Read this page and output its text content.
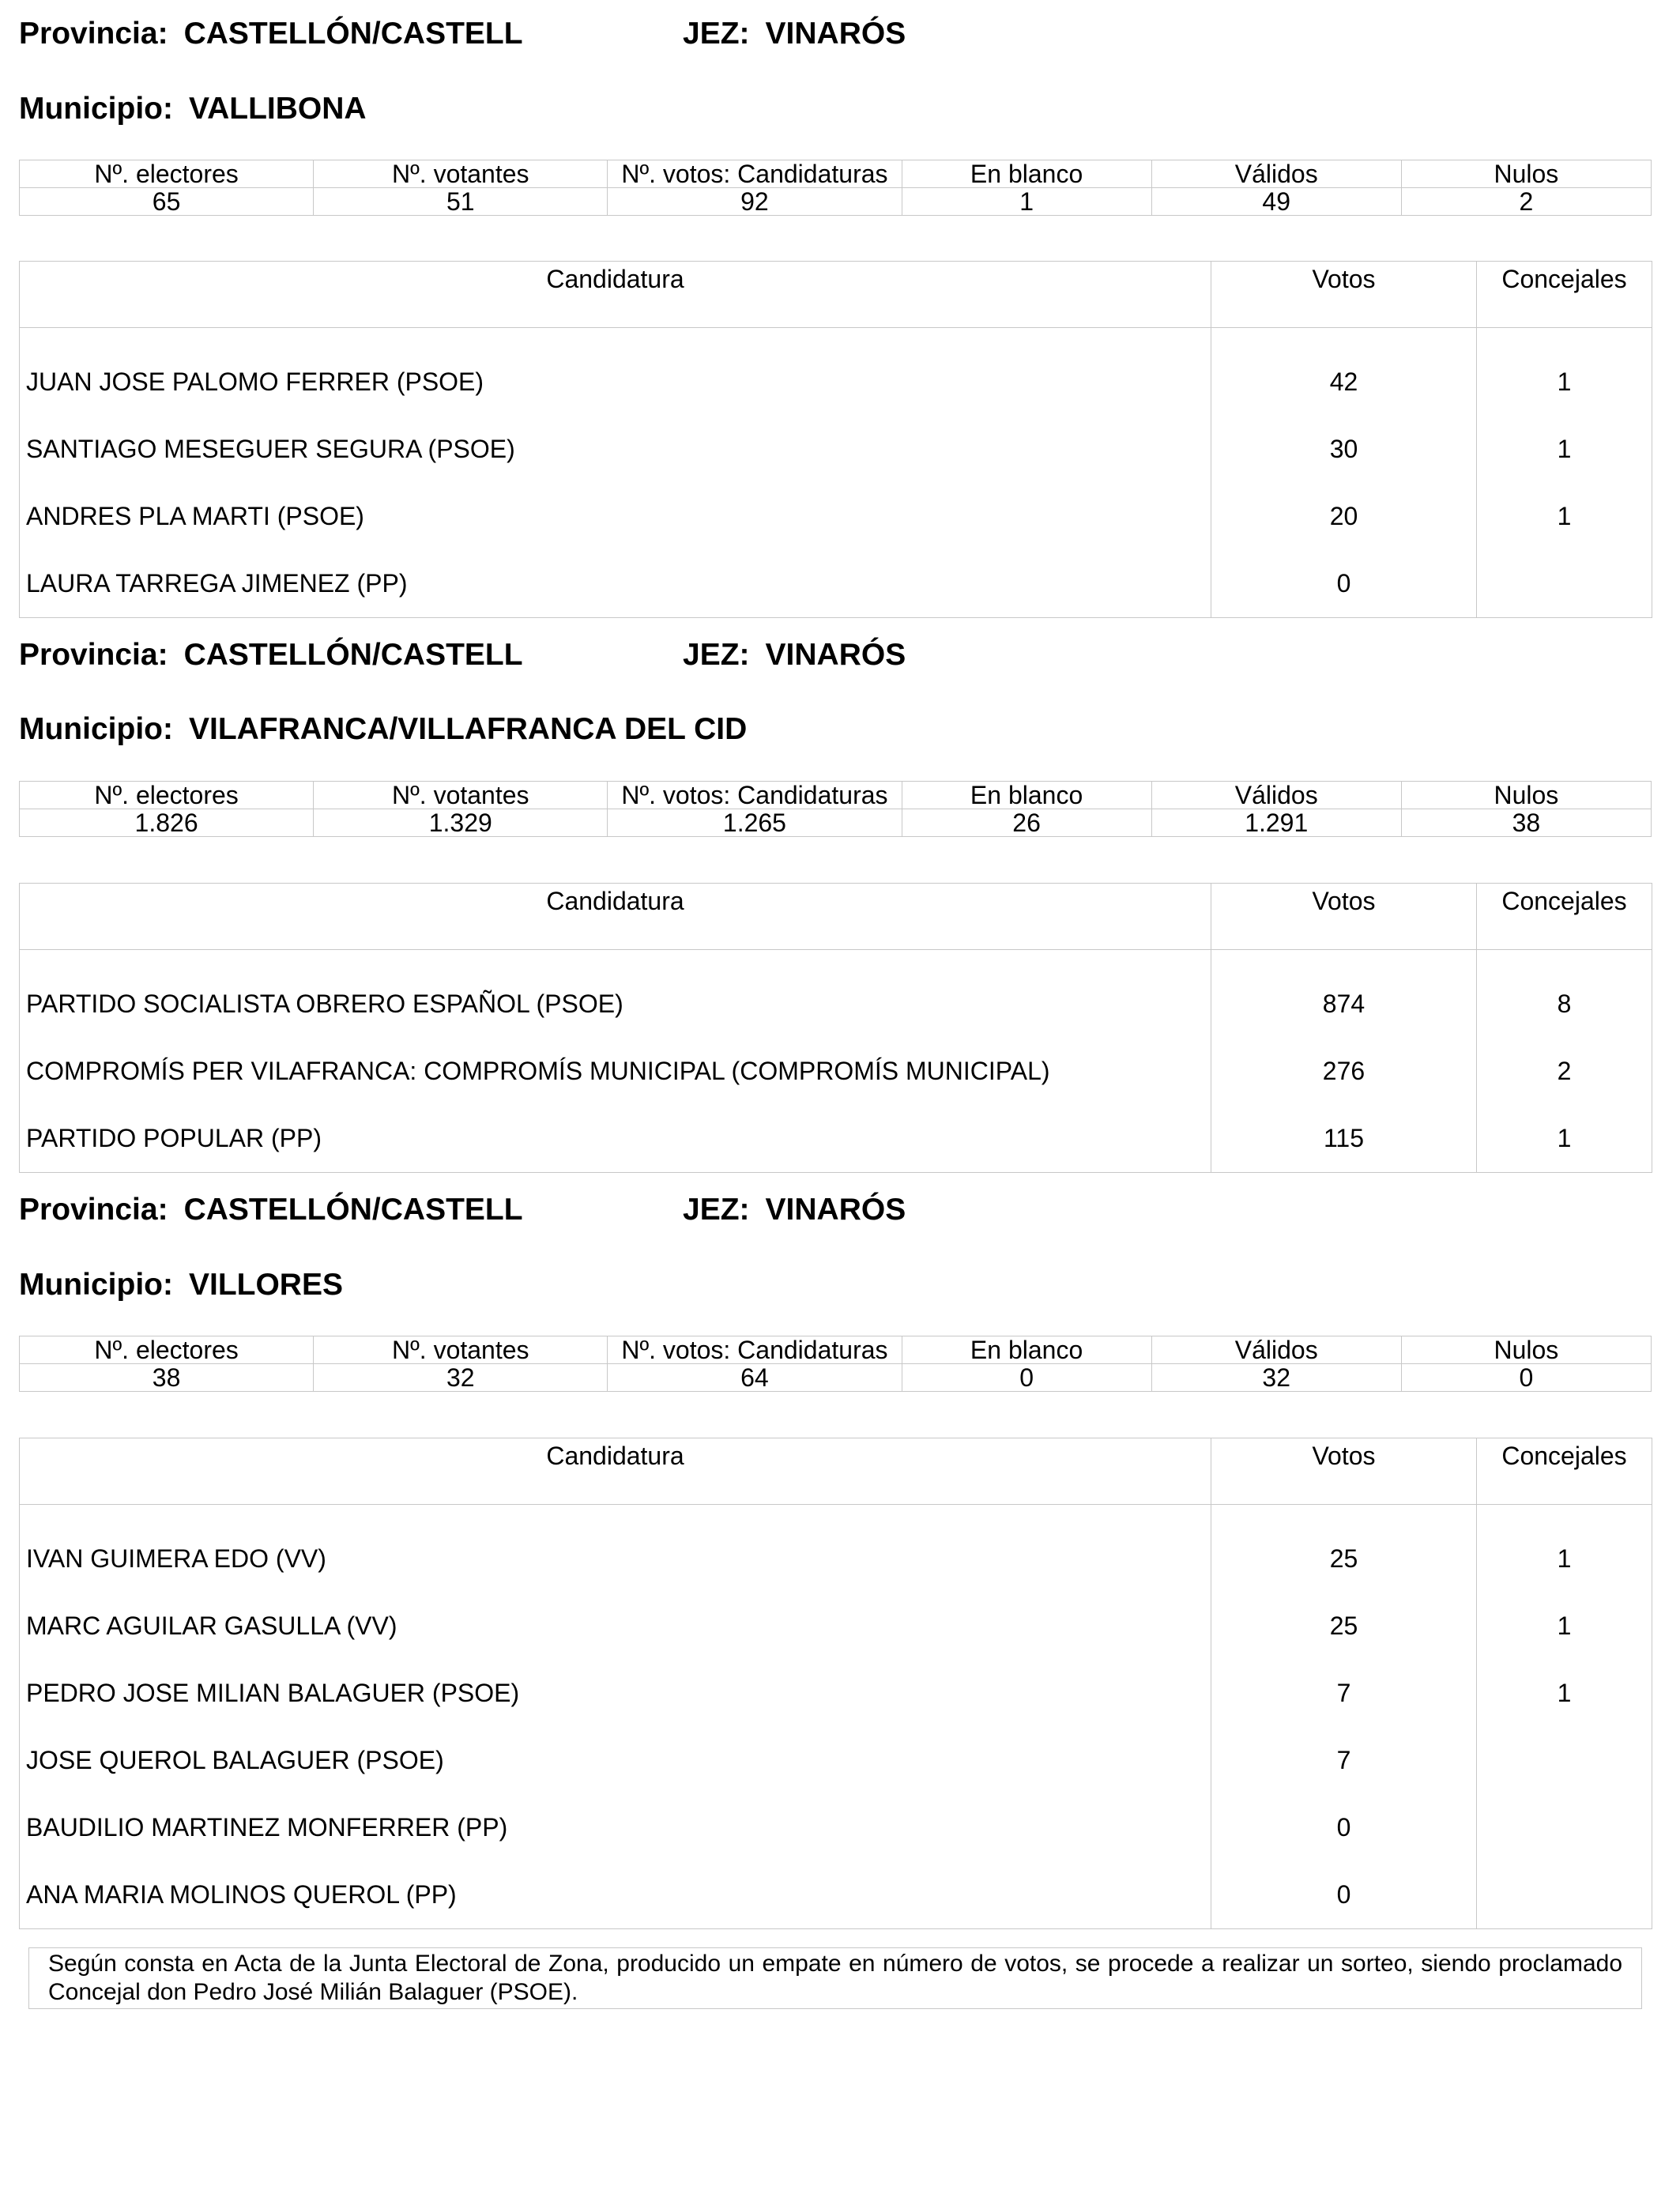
Provincia: CASTELLÓN/CASTELL	JEZ: VINARÓS
Municipio: VALLIBONA
Nº. electores	Nº. votantes	Nº. votos: Candidaturas	En blanco	Válidos	Nulos
65	51	92	1	49	2
Candidatura	Votos	Concejales
JUAN JOSE PALOMO FERRER (PSOE)	42	1
SANTIAGO MESEGUER SEGURA (PSOE)	30	1
ANDRES PLA MARTI (PSOE)	20	1
LAURA TARREGA JIMENEZ (PP)	0	
Provincia: CASTELLÓN/CASTELL	JEZ: VINARÓS
Municipio: VILAFRANCA/VILLAFRANCA DEL CID
Nº. electores	Nº. votantes	Nº. votos: Candidaturas	En blanco	Válidos	Nulos
1.826	1.329	1.265	26	1.291	38
Candidatura	Votos	Concejales
PARTIDO SOCIALISTA OBRERO ESPAÑOL (PSOE)	874	8
COMPROMÍS PER VILAFRANCA: COMPROMÍS MUNICIPAL (COMPROMÍS MUNICIPAL)	276	2
PARTIDO POPULAR (PP)	115	1
Provincia: CASTELLÓN/CASTELL	JEZ: VINARÓS
Municipio: VILLORES
Nº. electores	Nº. votantes	Nº. votos: Candidaturas	En blanco	Válidos	Nulos
38	32	64	0	32	0
Candidatura	Votos	Concejales
IVAN GUIMERA EDO (VV)	25	1
MARC AGUILAR GASULLA (VV)	25	1
PEDRO JOSE MILIAN BALAGUER (PSOE)	7	1
JOSE QUEROL BALAGUER (PSOE)	7	
BAUDILIO MARTINEZ MONFERRER (PP)	0	
ANA MARIA MOLINOS QUEROL (PP)	0	
Según consta en Acta de la Junta Electoral de Zona, producido un empate en número de votos, se procede a realizar un sorteo, siendo proclamado Concejal don Pedro José Milián Balaguer (PSOE).
